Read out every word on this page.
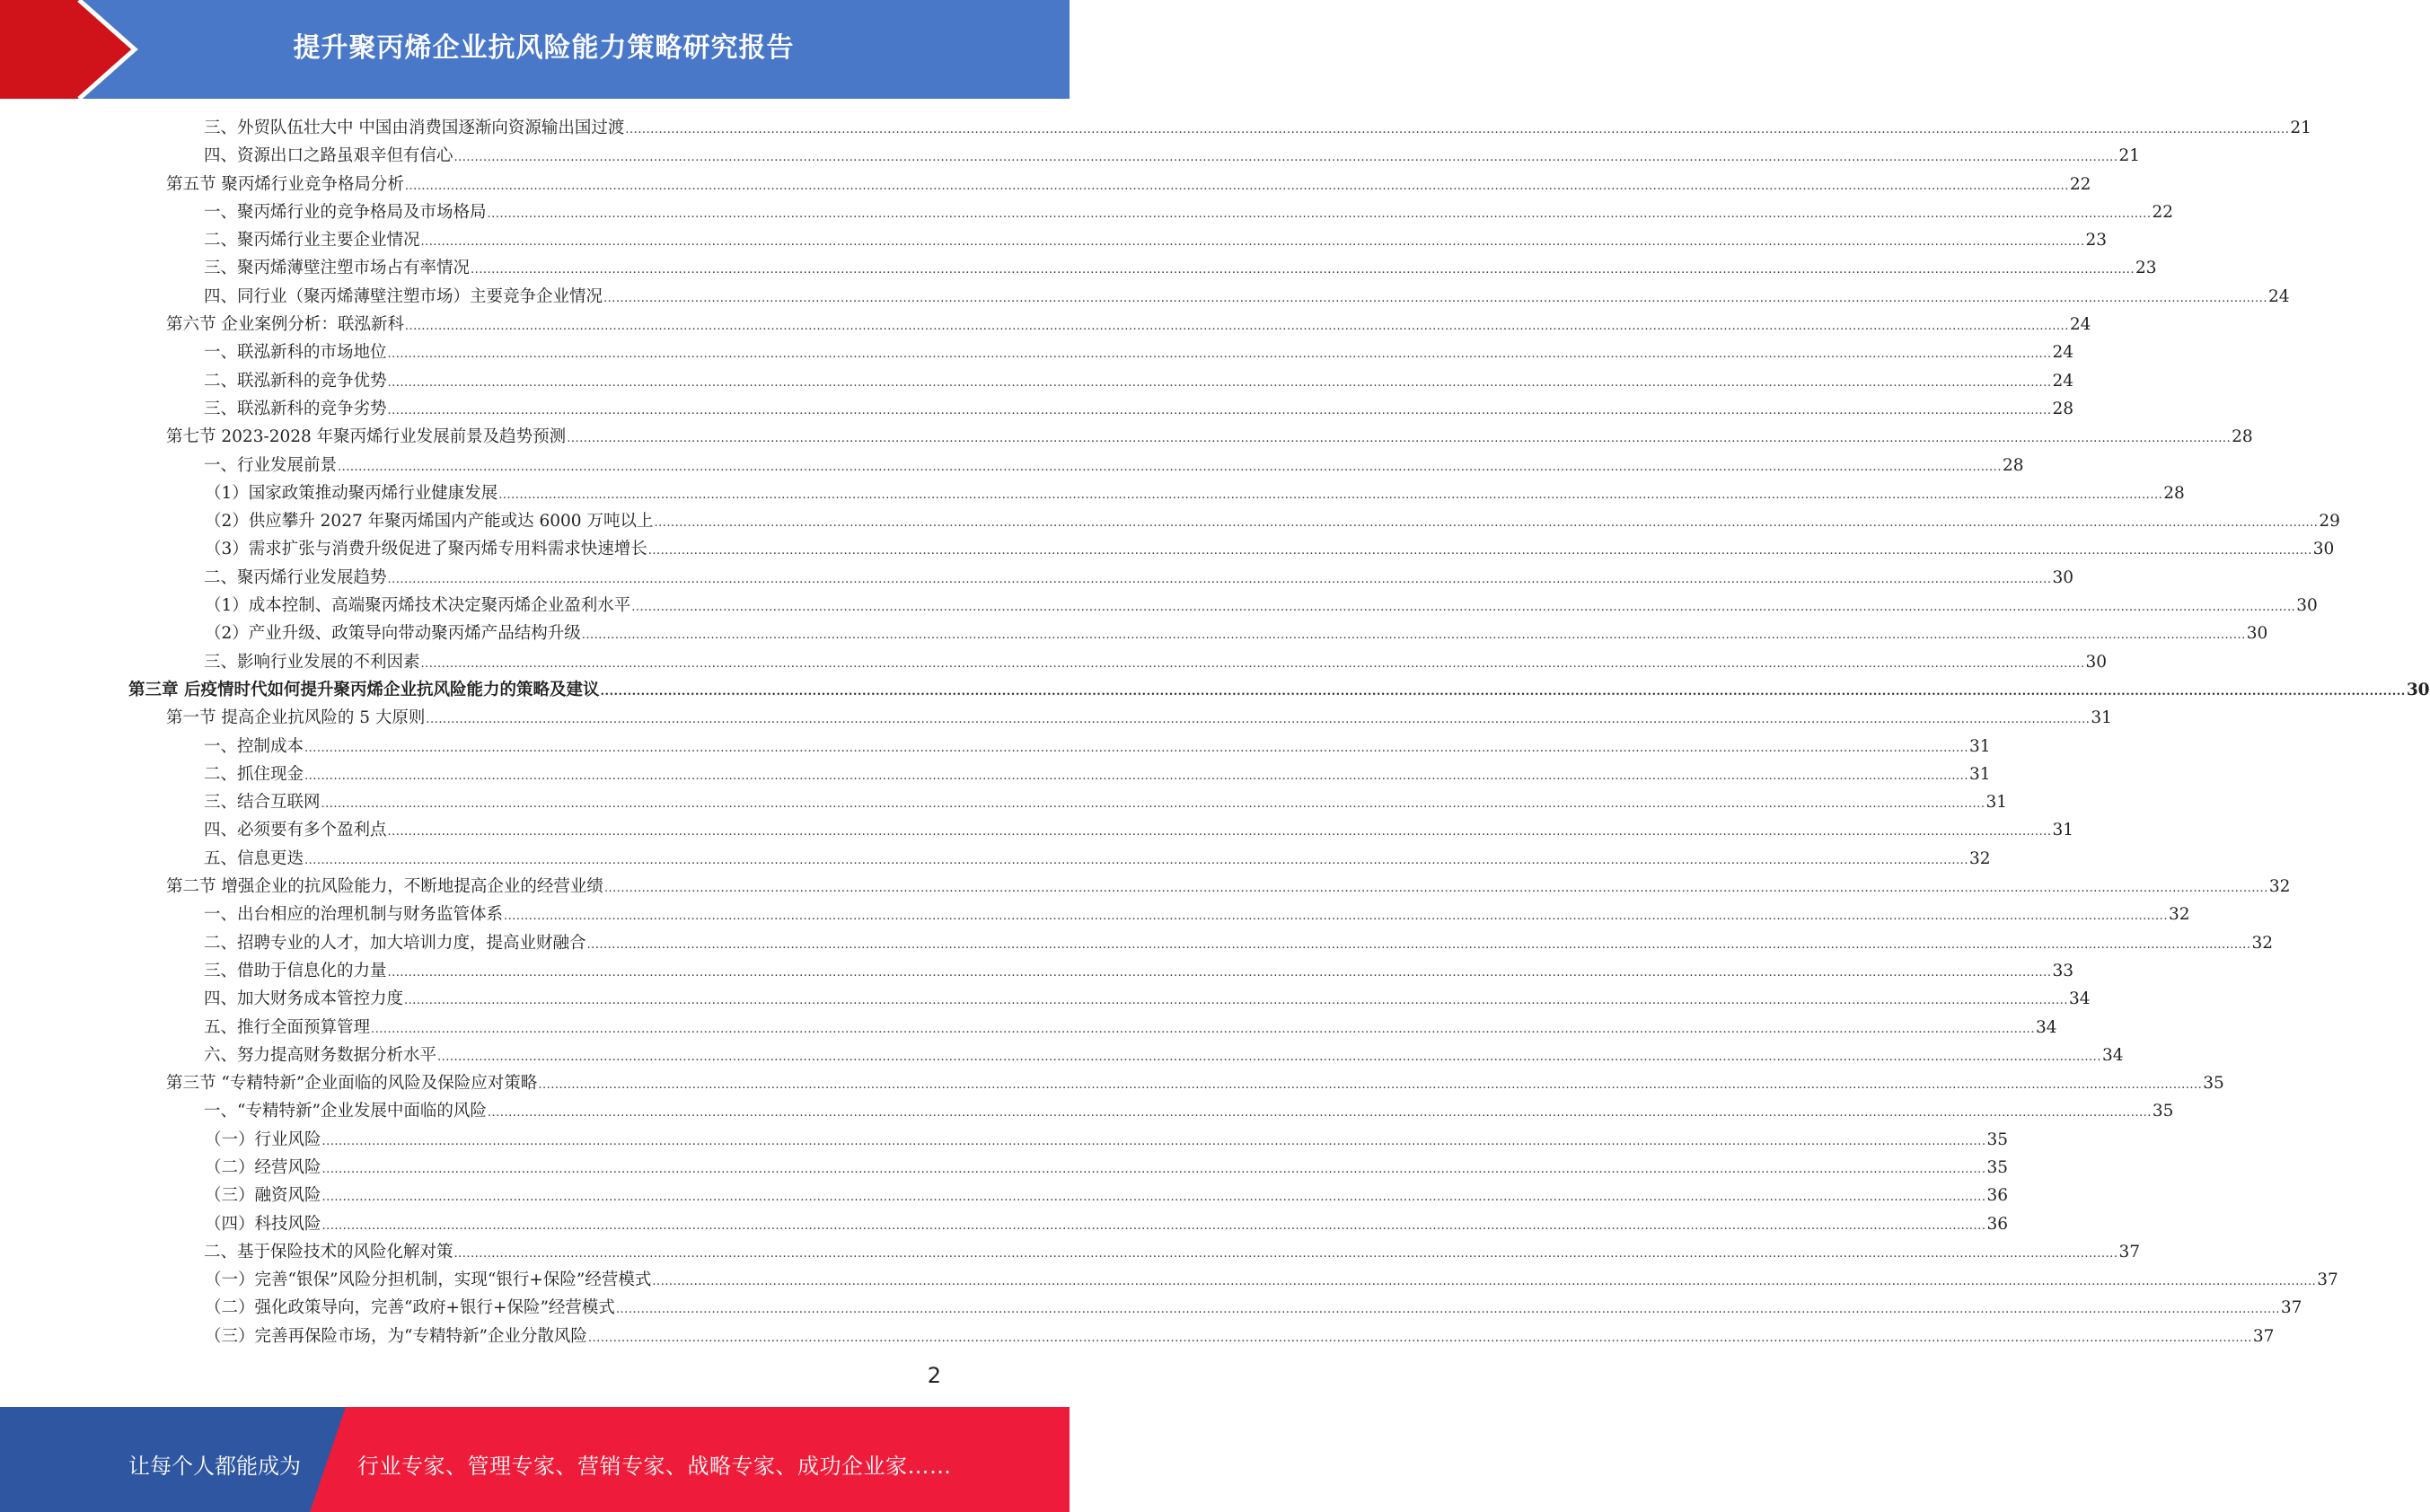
提升聚丙烯企业抗风险能力策略研究报告
三、外贸队伍壮大中 中国由消费国逐渐向资源输出国过渡 ................................................................................................................................................................................................................................................................................................................................................................................................................ 21
四、资源出口之路虽艰辛但有信心 ................................................................................................................................................................................................................................................................................................................................................................................................................ 21
第五节 聚丙烯行业竞争格局分析 ................................................................................................................................................................................................................................................................................................................................................................................................................ 22
一、聚丙烯行业的竞争格局及市场格局 ................................................................................................................................................................................................................................................................................................................................................................................................................ 22
二、聚丙烯行业主要企业情况 ................................................................................................................................................................................................................................................................................................................................................................................................................ 23
三、聚丙烯薄壁注塑市场占有率情况 ................................................................................................................................................................................................................................................................................................................................................................................................................ 23
四、同行业（聚丙烯薄壁注塑市场）主要竞争企业情况 ................................................................................................................................................................................................................................................................................................................................................................................................................ 24
第六节 企业案例分析：联泓新科 ................................................................................................................................................................................................................................................................................................................................................................................................................ 24
一、联泓新科的市场地位 ................................................................................................................................................................................................................................................................................................................................................................................................................ 24
二、联泓新科的竞争优势 ................................................................................................................................................................................................................................................................................................................................................................................................................ 24
三、联泓新科的竞争劣势 ................................................................................................................................................................................................................................................................................................................................................................................................................ 28
第七节 2023-2028 年聚丙烯行业发展前景及趋势预测 ................................................................................................................................................................................................................................................................................................................................................................................................................ 28
一、行业发展前景 ................................................................................................................................................................................................................................................................................................................................................................................................................ 28
（1）国家政策推动聚丙烯行业健康发展 ................................................................................................................................................................................................................................................................................................................................................................................................................ 28
（2）供应攀升 2027 年聚丙烯国内产能或达 6000 万吨以上 ................................................................................................................................................................................................................................................................................................................................................................................................................ 29
（3）需求扩张与消费升级促进了聚丙烯专用料需求快速增长 ................................................................................................................................................................................................................................................................................................................................................................................................................ 30
二、聚丙烯行业发展趋势 ................................................................................................................................................................................................................................................................................................................................................................................................................ 30
（1）成本控制、高端聚丙烯技术决定聚丙烯企业盈利水平 ................................................................................................................................................................................................................................................................................................................................................................................................................ 30
（2）产业升级、政策导向带动聚丙烯产品结构升级 ................................................................................................................................................................................................................................................................................................................................................................................................................ 30
三、影响行业发展的不利因素 ................................................................................................................................................................................................................................................................................................................................................................................................................ 30
第三章 后疫情时代如何提升聚丙烯企业抗风险能力的策略及建议 ................................................................................................................................................................................................................................................................................................................................................................................................................ 30
第一节 提高企业抗风险的 5 大原则 ................................................................................................................................................................................................................................................................................................................................................................................................................ 31
一、控制成本 ................................................................................................................................................................................................................................................................................................................................................................................................................ 31
二、抓住现金 ................................................................................................................................................................................................................................................................................................................................................................................................................ 31
三、结合互联网 ................................................................................................................................................................................................................................................................................................................................................................................................................ 31
四、必须要有多个盈利点 ................................................................................................................................................................................................................................................................................................................................................................................................................ 31
五、信息更迭 ................................................................................................................................................................................................................................................................................................................................................................................................................ 32
第二节 增强企业的抗风险能力，不断地提高企业的经营业绩 ................................................................................................................................................................................................................................................................................................................................................................................................................ 32
一、出台相应的治理机制与财务监管体系 ................................................................................................................................................................................................................................................................................................................................................................................................................ 32
二、招聘专业的人才，加大培训力度，提高业财融合 ................................................................................................................................................................................................................................................................................................................................................................................................................ 32
三、借助于信息化的力量 ................................................................................................................................................................................................................................................................................................................................................................................................................ 33
四、加大财务成本管控力度 ................................................................................................................................................................................................................................................................................................................................................................................................................ 34
五、推行全面预算管理 ................................................................................................................................................................................................................................................................................................................................................................................................................ 34
六、努力提高财务数据分析水平 ................................................................................................................................................................................................................................................................................................................................................................................................................ 34
第三节 “专精特新”企业面临的风险及保险应对策略 ................................................................................................................................................................................................................................................................................................................................................................................................................ 35
一、“专精特新”企业发展中面临的风险 ................................................................................................................................................................................................................................................................................................................................................................................................................ 35
（一）行业风险 ................................................................................................................................................................................................................................................................................................................................................................................................................ 35
（二）经营风险 ................................................................................................................................................................................................................................................................................................................................................................................................................ 35
（三）融资风险 ................................................................................................................................................................................................................................................................................................................................................................................................................ 36
（四）科技风险 ................................................................................................................................................................................................................................................................................................................................................................................................................ 36
二、基于保险技术的风险化解对策 ................................................................................................................................................................................................................................................................................................................................................................................................................ 37
（一）完善“银保”风险分担机制，实现“银行+保险”经营模式 ................................................................................................................................................................................................................................................................................................................................................................................................................ 37
（二）强化政策导向，完善“政府+银行+保险”经营模式 ................................................................................................................................................................................................................................................................................................................................................................................................................ 37
（三）完善再保险市场，为“专精特新”企业分散风险 ................................................................................................................................................................................................................................................................................................................................................................................................................ 37
2
让每个人都能成为	行业专家、管理专家、营销专家、战略专家、成功企业家……
